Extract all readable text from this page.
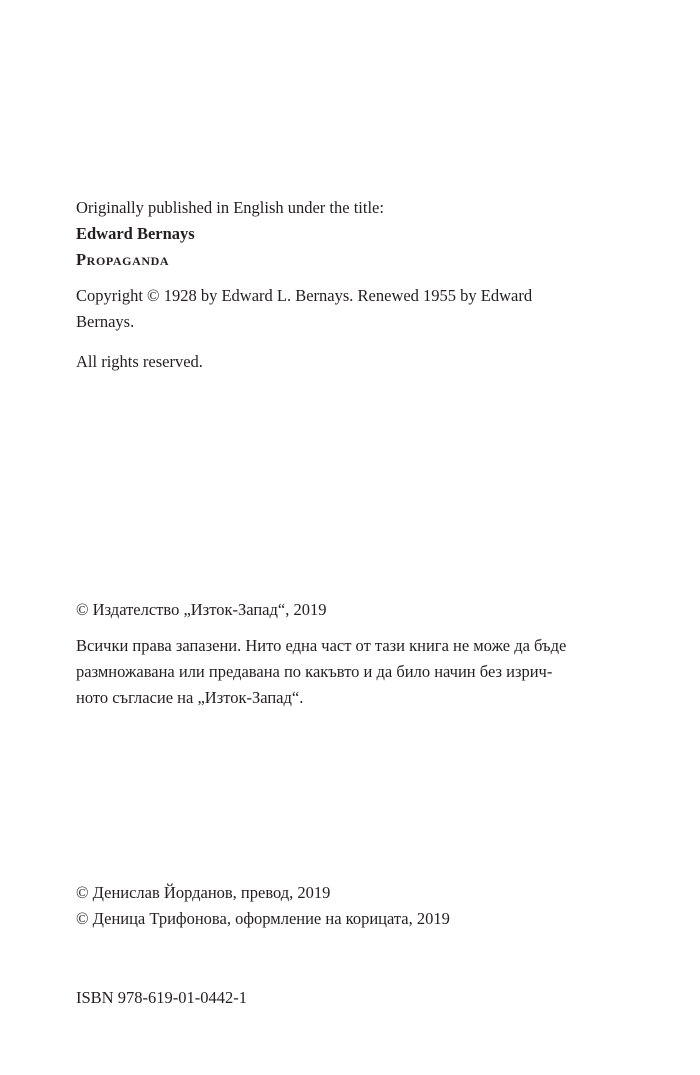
Originally published in English under the title:

Edward Bernays

Propaganda

Copyright © 1928 by Edward L. Bernays. Renewed 1955 by Edward

Bernays.

All rights reserved.

© Издателство „Изток-Запад“, 2019

Всички права запазени. Нито една част от тази книга не може да бъде

размножавана или предавана по какъвто и да било начин без изрич-

ното съгласие на „Изток-Запад“.

© Денислав Йорданов, превод, 2019

© Деница Трифонова, оформление на корицата, 2019

ISBN 978-619-01-0442-1
